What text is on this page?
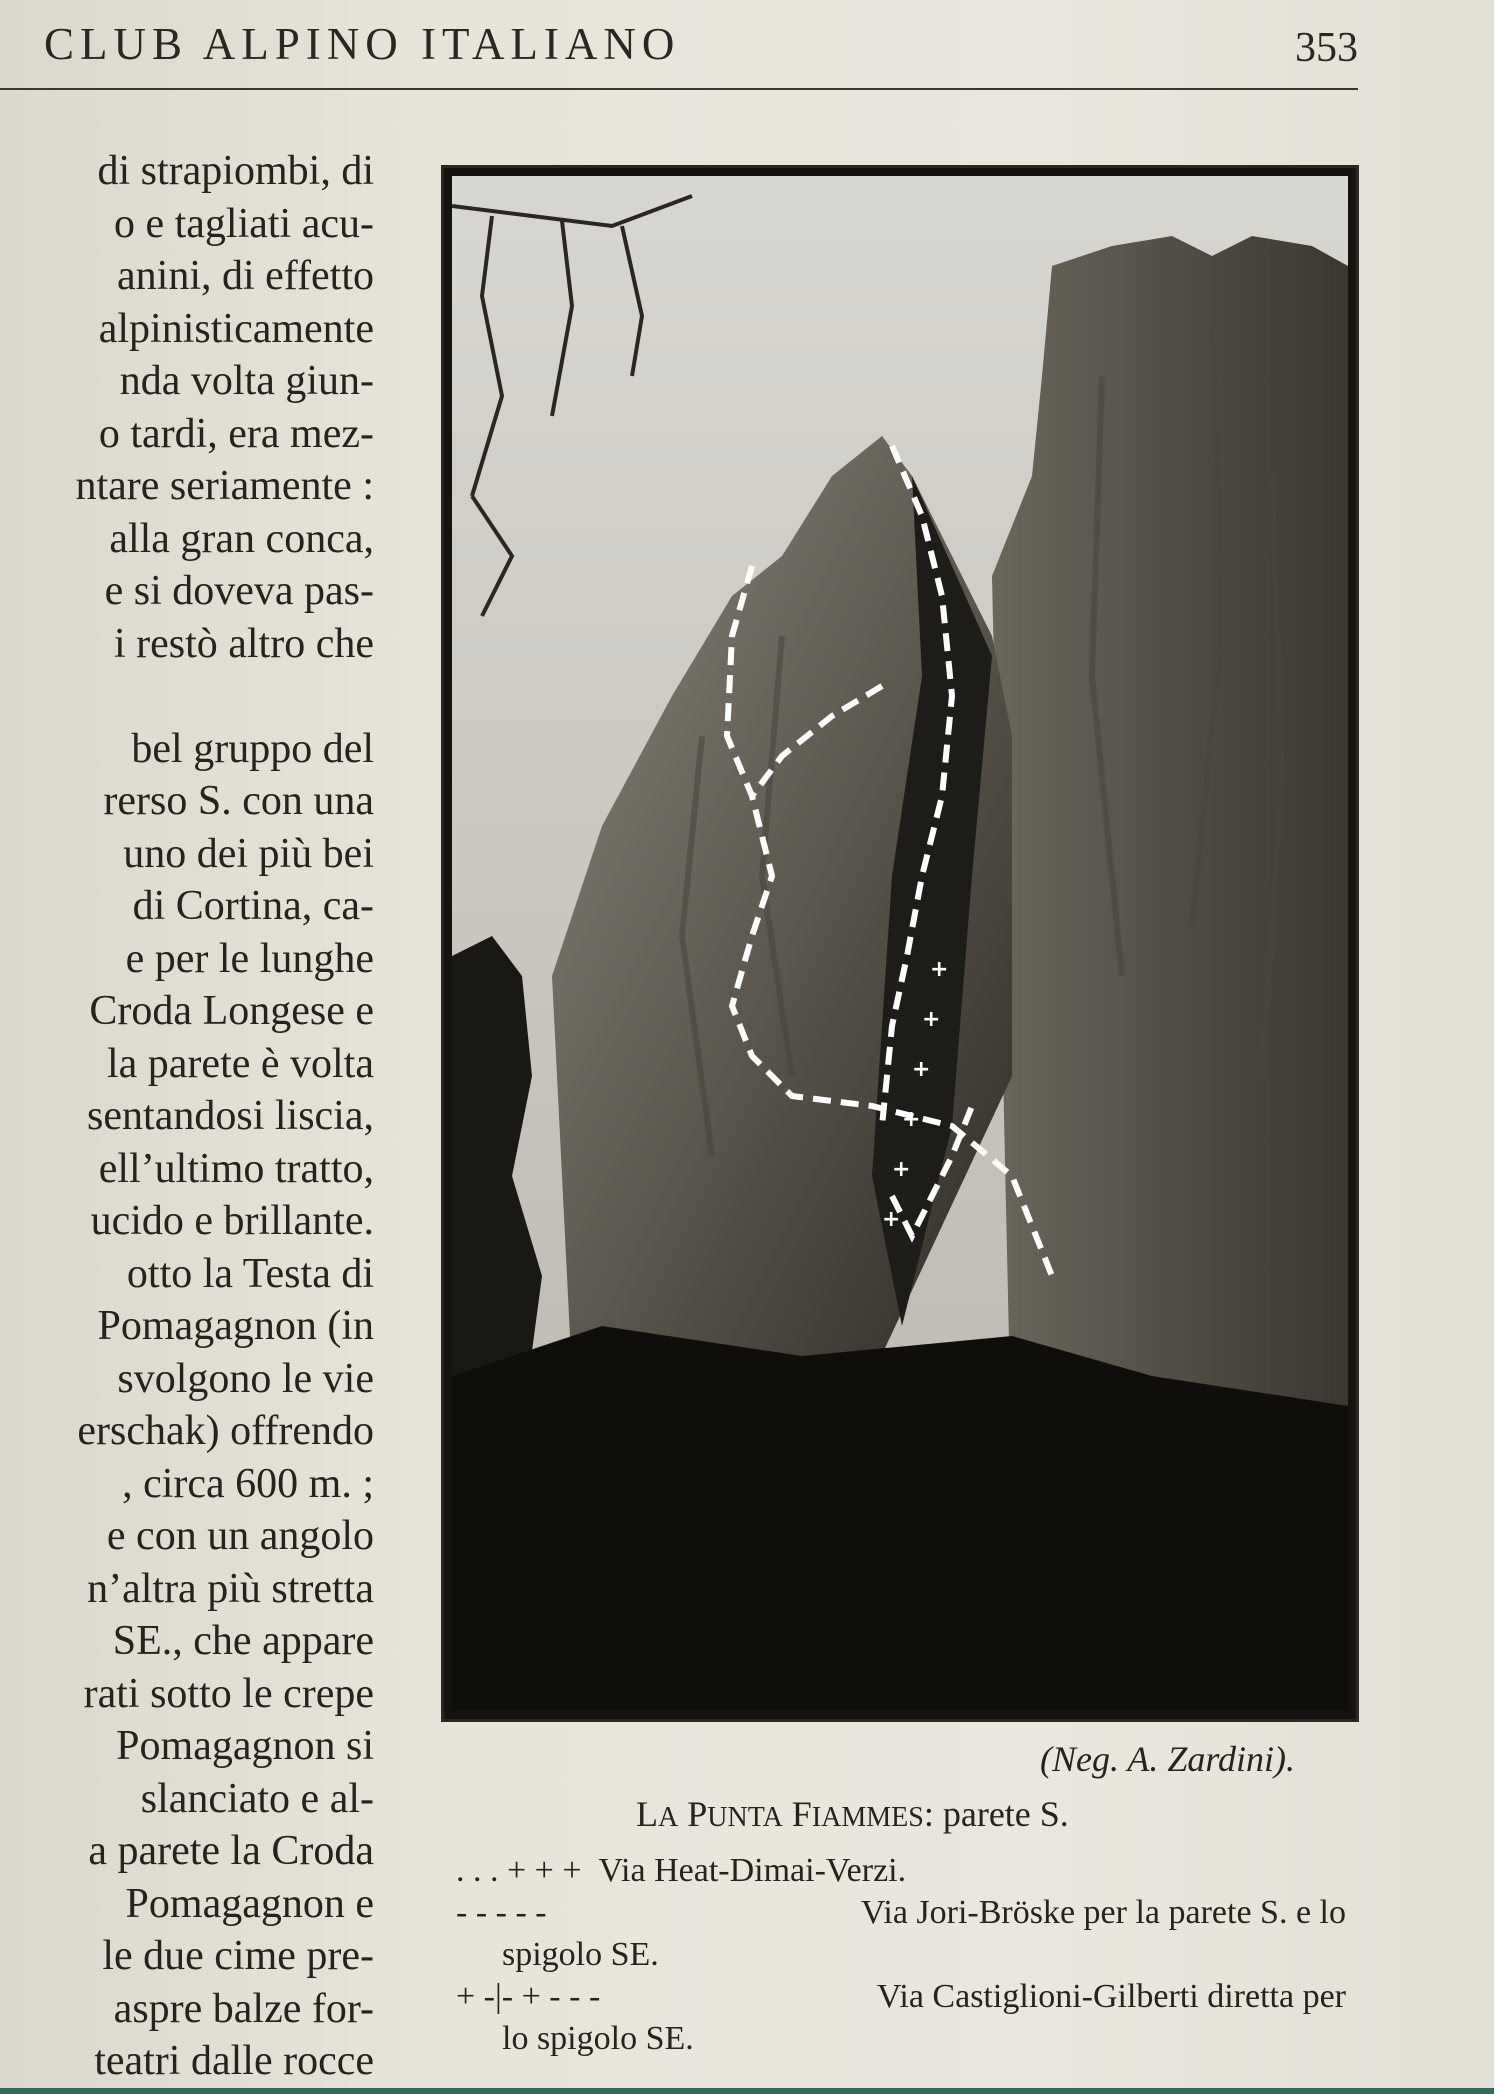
CLUB ALPINO ITALIANO	353
di strapiombi, di
o e tagliati acu-
anini, di effetto
alpinisticamente
nda volta giun-
o tardi, era mez-
ntare seriamente :
alla gran conca,
e si doveva pas-
i restò altro che
bel gruppo del
rerso S. con una
uno dei più bei
di Cortina, ca-
e per le lunghe
Croda Longese e
la parete è volta
sentandosi liscia,
ell’ultimo tratto,
ucido e brillante.
otto la Testa di
Pomagagnon (in
svolgono le vie
erschak) offrendo
, circa 600 m. ;
e con un angolo
n’altra più stretta
SE., che appare
rati sotto le crepe
Pomagagnon si
slanciato e al-
a parete la Croda
Pomagagnon e
le due cime pre-
aspre balze for-
teatri dalle rocce
+
+
+
+
+
+
(Neg. A. Zardini).
LA PUNTA FIAMMES: parete S.
. . . + + + Via Heat-Dimai-Verzi.
- - - - -	Via Jori-Bröske per la parete S. e lo
spigolo SE.
+ -|- + - - -	Via Castiglioni-Gilberti diretta per
lo spigolo SE.
